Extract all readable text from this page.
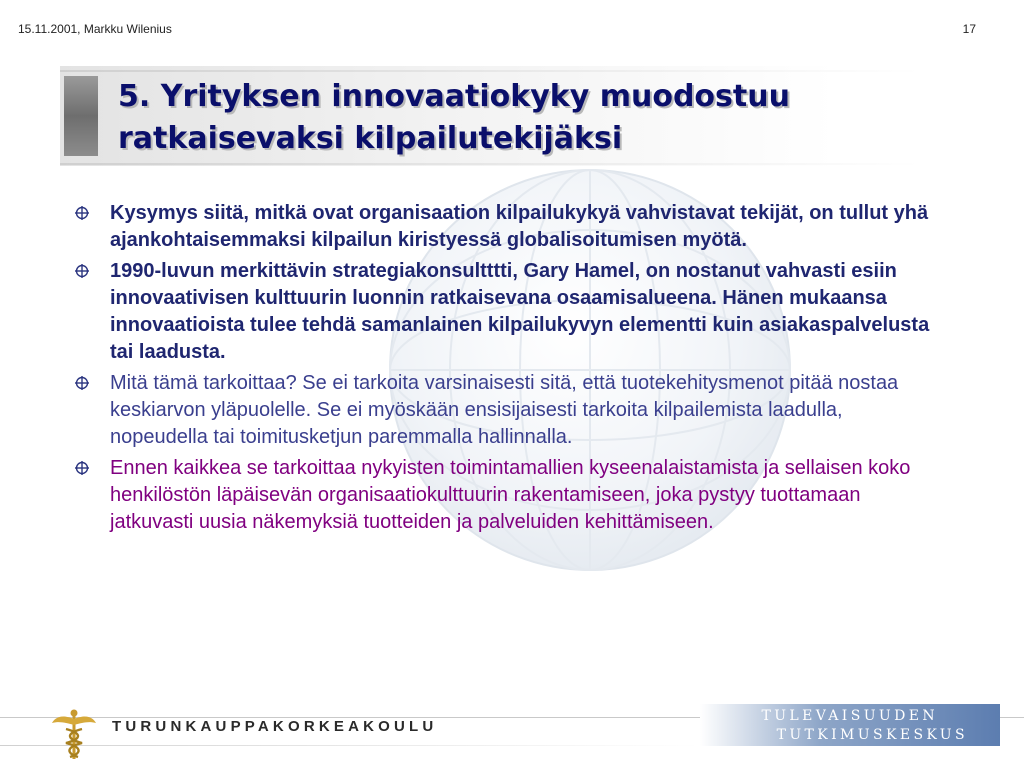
15.11.2001, Markku Wilenius	17
5. Yrityksen innovaatiokyky muodostuu
ratkaisevaksi kilpailutekijäksi
Kysymys siitä, mitkä ovat organisaation kilpailukykyä vahvistavat tekijät, on tullut yhä ajankohtaisemmaksi kilpailun kiristyessä globalisoitumisen myötä.
1990-luvun merkittävin strategiakonsultttti, Gary Hamel, on nostanut vahvasti esiin innovaativisen kulttuurin luonnin ratkaisevana osaamisalueena. Hänen mukaansa innovaatioista tulee tehdä samanlainen kilpailukyvyn elementti kuin asiakaspalvelusta tai laadusta.
Mitä tämä tarkoittaa? Se ei tarkoita varsinaisesti sitä, että tuotekehitysmenot pitää nostaa keskiarvon yläpuolelle. Se ei myöskään ensisijaisesti tarkoita kilpailemista laadulla, nopeudella tai toimitusketjun paremmalla hallinnalla.
Ennen kaikkea se tarkoittaa nykyisten toimintamallien kyseenalaistamista ja sellaisen koko henkilöstön läpäisevän organisaatiokulttuurin rakentamiseen, joka pystyy tuottamaan jatkuvasti uusia näkemyksiä tuotteiden ja palveluiden kehittämiseen.
TURUNKAUPPAKORKEAKOULU
TULEVAISUUDEN
TUTKIMUSKESKUS
